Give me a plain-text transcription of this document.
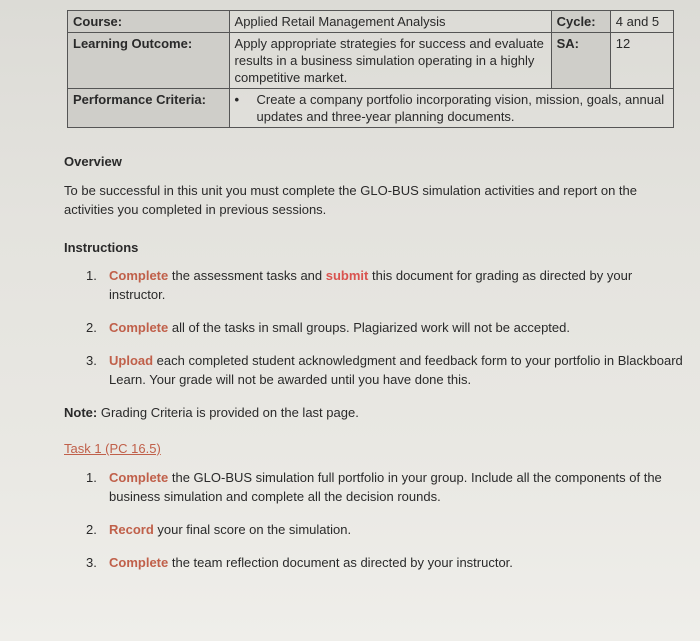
Course:	Applied Retail Management Analysis	Cycle:	4 and 5
Learning Outcome:	Apply appropriate strategies for success and evaluate results in a business simulation operating in a highly competitive market.	SA:	12
Performance Criteria:	• Create a company portfolio incorporating vision, mission, goals, annual updates and three-year planning documents.		
Overview
To be successful in this unit you must complete the GLO-BUS simulation activities and report on the activities you completed in previous sessions.
Instructions
1. Complete the assessment tasks and submit this document for grading as directed by your instructor.
2. Complete all of the tasks in small groups. Plagiarized work will not be accepted.
3. Upload each completed student acknowledgment and feedback form to your portfolio in Blackboard Learn. Your grade will not be awarded until you have done this.
Note: Grading Criteria is provided on the last page.
Task 1 (PC 16.5)
1. Complete the GLO-BUS simulation full portfolio in your group. Include all the components of the business simulation and complete all the decision rounds.
2. Record your final score on the simulation.
3. Complete the team reflection document as directed by your instructor.
